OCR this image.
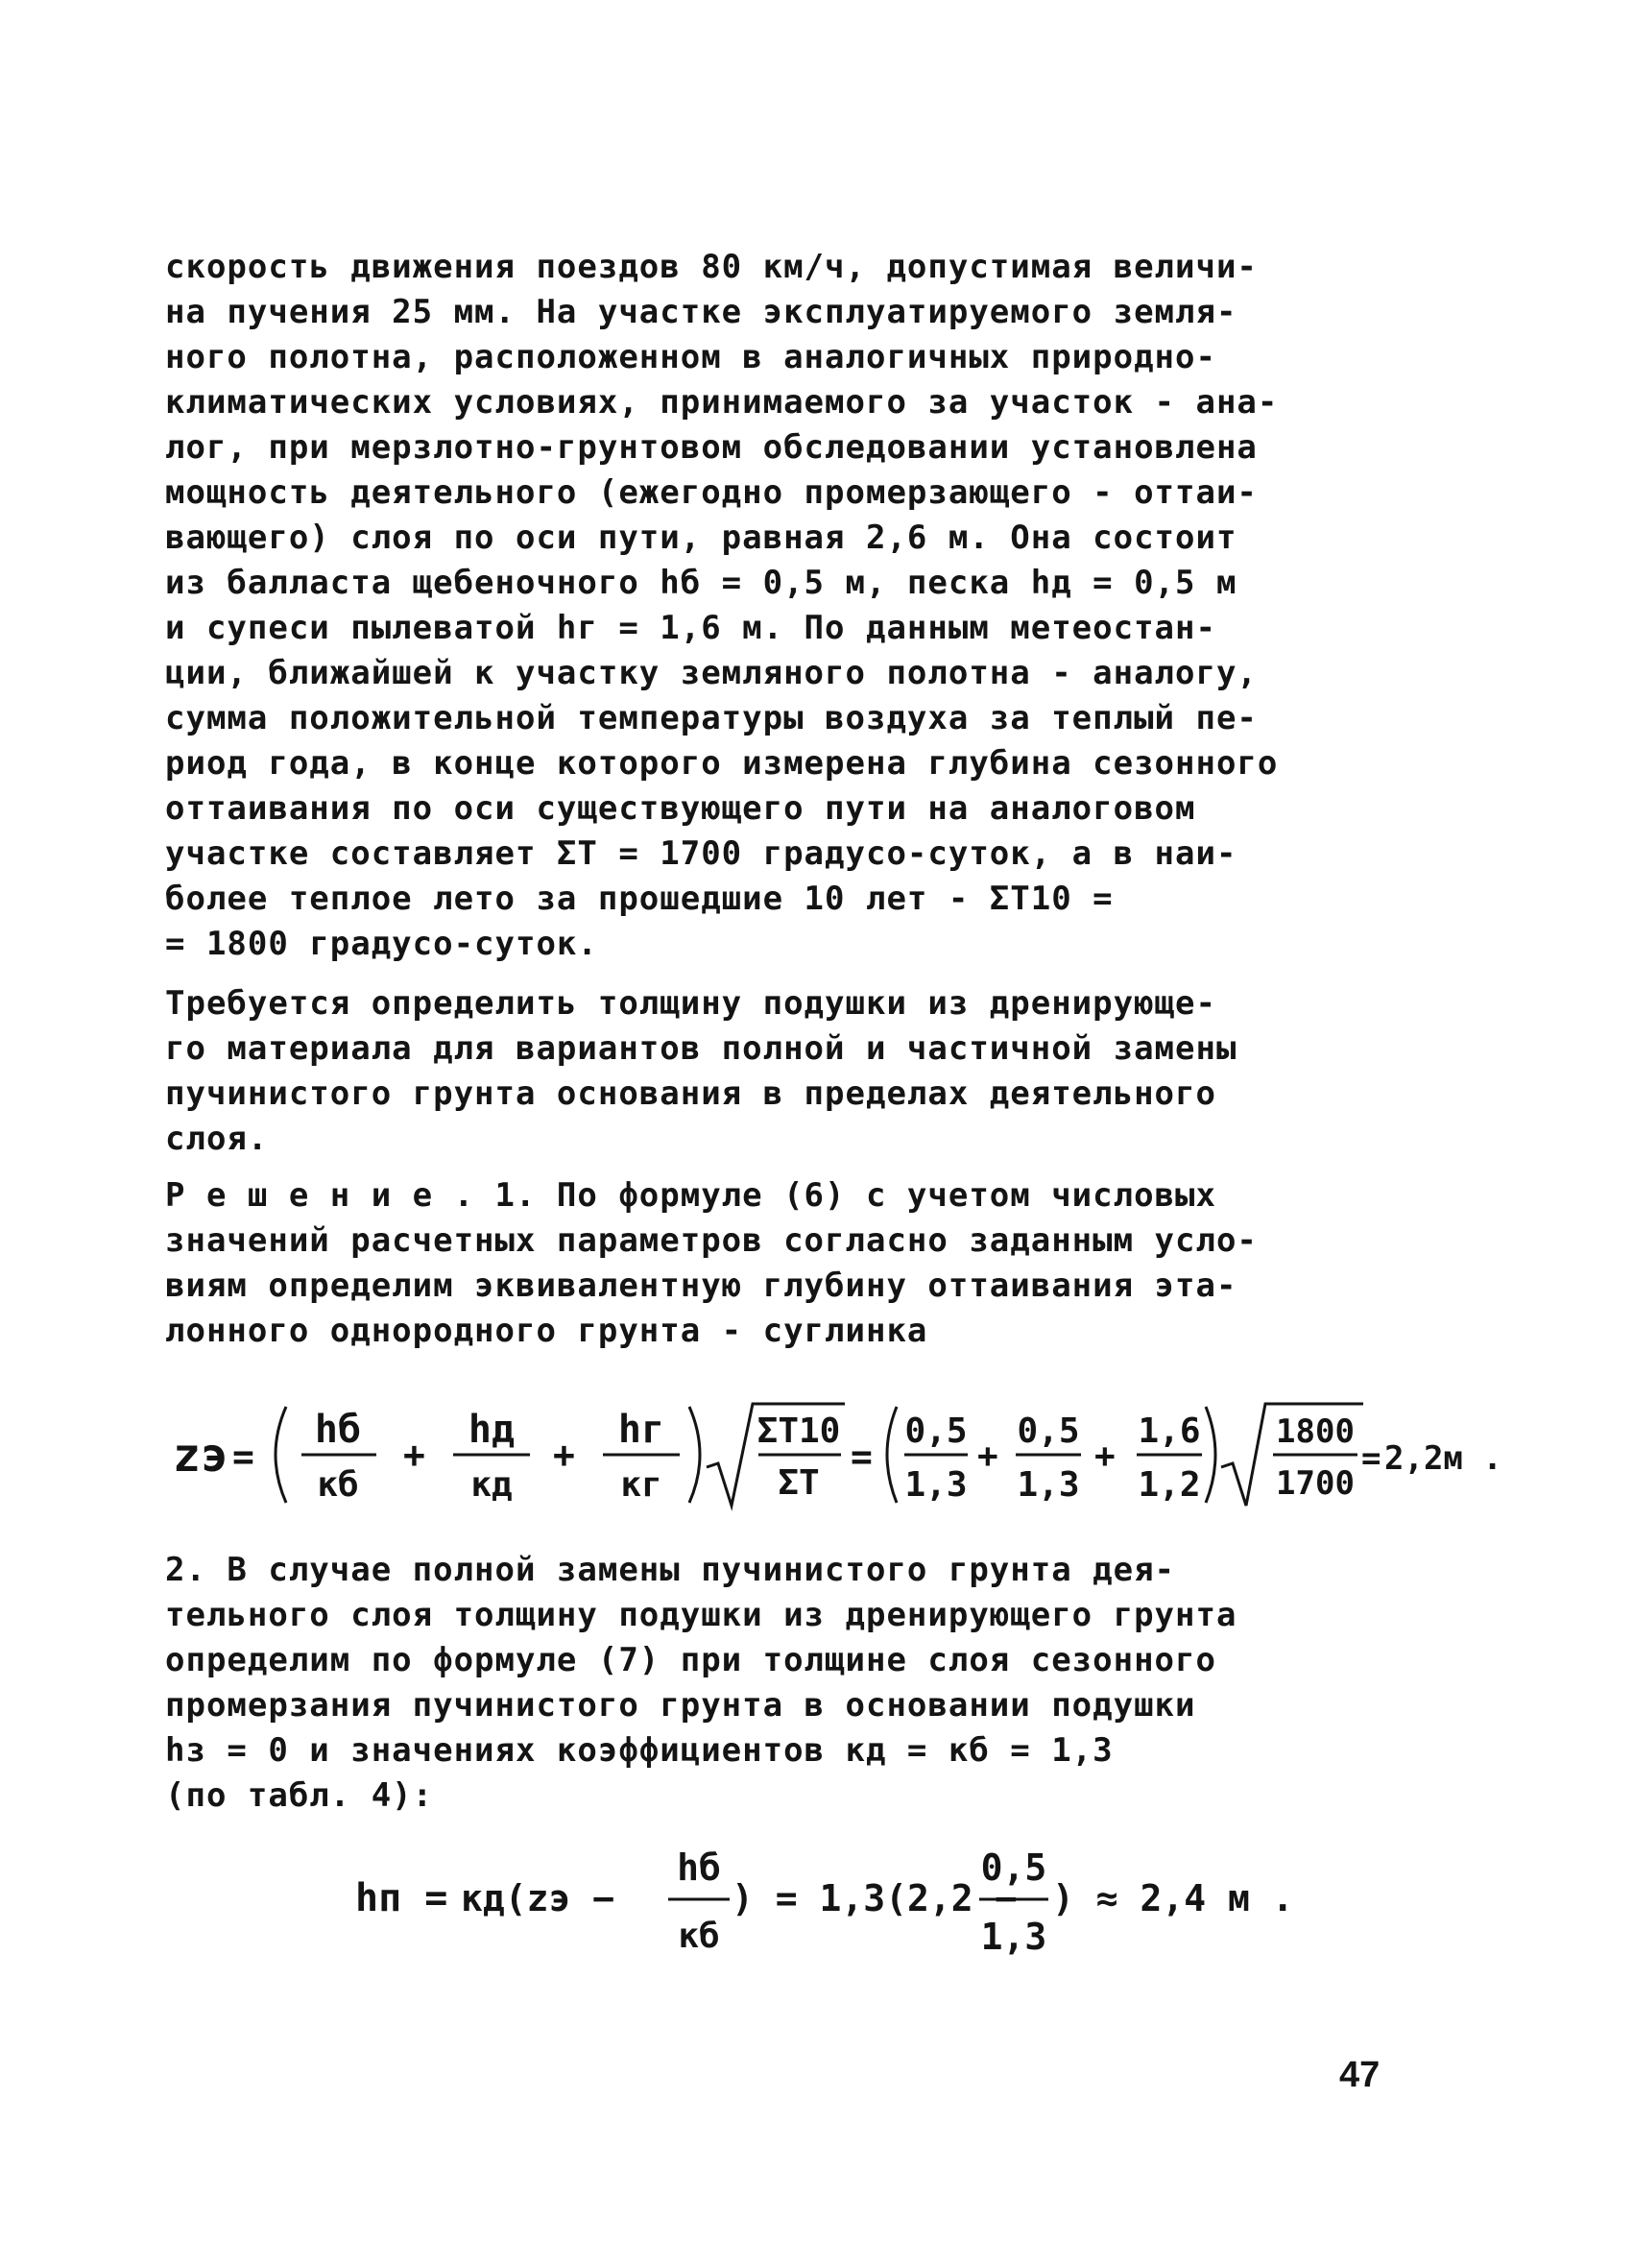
скорость движения поездов 80 км/ч, допустимая величи-
на пучения 25 мм. На участке эксплуатируемого земля-
ного полотна, расположенном в аналогичных природно-
климатических условиях, принимаемого за участок - ана-
лог, при мерзлотно-грунтовом обследовании установлена
мощность деятельного (ежегодно промерзающего - оттаи-
вающего) слоя по оси пути, равная 2,6 м. Она состоит
из балласта щебеночного hб = 0,5 м, песка hд = 0,5 м
и супеси пылеватой hг = 1,6 м. По данным метеостан-
ции, ближайшей к участку земляного полотна - аналогу,
сумма положительной температуры воздуха за теплый пе-
риод года, в конце которого измерена глубина сезонного
оттаивания по оси существующего пути на аналоговом
участке составляет ΣТ = 1700 градусо-суток, а в наи-
более теплое лето за прошедшие 10 лет - ΣТ10 =
= 1800 градусо-суток.
Требуется определить толщину подушки из дренирующе-
го материала для вариантов полной и частичной замены
пучинистого грунта основания в пределах деятельного
слоя.
Р е ш е н и е . 1. По формуле (6) с учетом числовых
значений расчетных параметров согласно заданным усло-
виям определим эквивалентную глубину оттаивания эта-
лонного однородного грунта - суглинка
zэ =
hб
кб
+
hд
кд
+
hг
кг
ΣТ10
ΣТ
=
0,5
1,3
+
0,5
1,3
+
1,6
1,2
1800
1700
= 2,2м .
2. В случае полной замены пучинистого грунта дея-
тельного слоя толщину подушки из дренирующего грунта
определим по формуле (7) при толщине слоя сезонного
промерзания пучинистого грунта в основании подушки
hз = 0 и значениях коэффициентов кд = кб = 1,3
(по табл. 4):
hп = кд(zэ −
hб
кб
) = 1,3(2,2 −
0,5
1,3
) ≈ 2,4 м .
47
